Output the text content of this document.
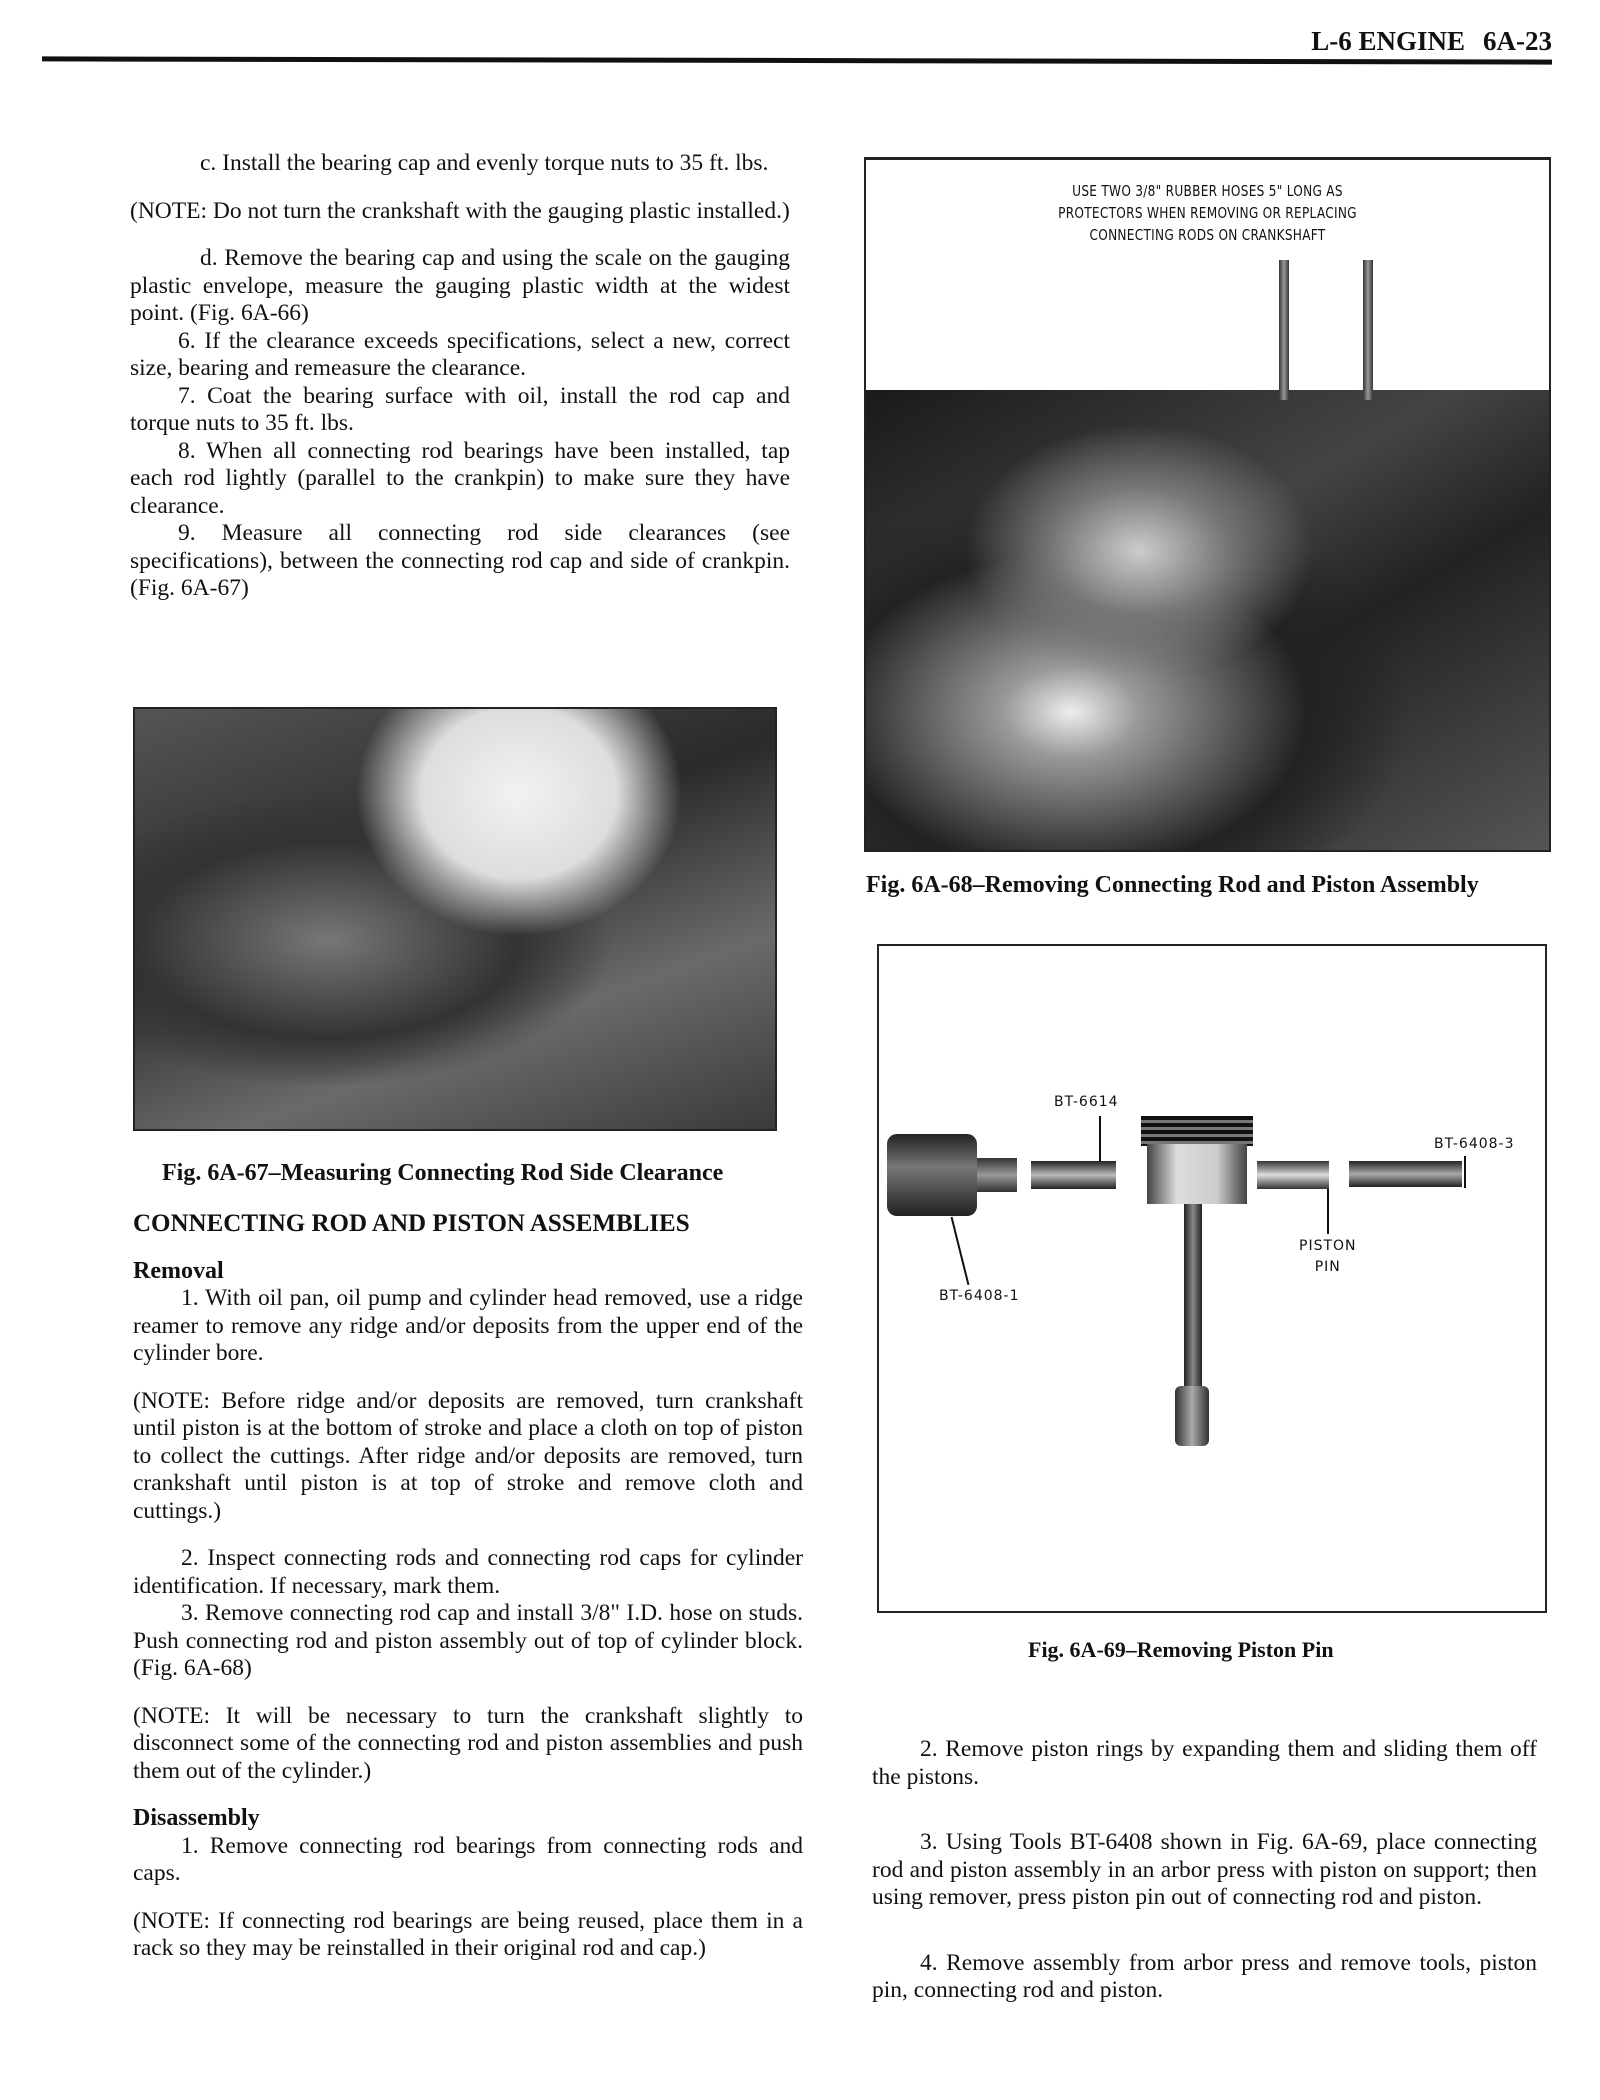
L-6 ENGINE 6A-23

c. Install the bearing cap and evenly torque nuts to 35 ft. lbs.

(NOTE: Do not turn the crankshaft with the gauging plastic installed.)

d. Remove the bearing cap and using the scale on the gauging plastic envelope, measure the gauging plastic width at the widest point. (Fig. 6A-66)

6. If the clearance exceeds specifications, select a new, correct size, bearing and remeasure the clearance.

7. Coat the bearing surface with oil, install the rod cap and torque nuts to 35 ft. lbs.

8. When all connecting rod bearings have been installed, tap each rod lightly (parallel to the crankpin) to make sure they have clearance.

9. Measure all connecting rod side clearances (see specifications), between the connecting rod cap and side of crankpin. (Fig. 6A-67)

Fig. 6A-67–Measuring Connecting Rod Side Clearance

CONNECTING ROD AND PISTON ASSEMBLIES

Removal

1. With oil pan, oil pump and cylinder head removed, use a ridge reamer to remove any ridge and/or deposits from the upper end of the cylinder bore.

(NOTE: Before ridge and/or deposits are removed, turn crankshaft until piston is at the bottom of stroke and place a cloth on top of piston to collect the cuttings. After ridge and/or deposits are removed, turn crankshaft until piston is at top of stroke and remove cloth and cuttings.)

2. Inspect connecting rods and connecting rod caps for cylinder identification. If necessary, mark them.

3. Remove connecting rod cap and install 3/8" I.D. hose on studs. Push connecting rod and piston assembly out of top of cylinder block. (Fig. 6A-68)

(NOTE: It will be necessary to turn the crankshaft slightly to disconnect some of the connecting rod and piston assemblies and push them out of the cylinder.)

Disassembly

1. Remove connecting rod bearings from connecting rods and caps.

(NOTE: If connecting rod bearings are being reused, place them in a rack so they may be reinstalled in their original rod and cap.)

USE TWO 3/8" RUBBER HOSES 5" LONG AS
PROTECTORS WHEN REMOVING OR REPLACING
CONNECTING RODS ON CRANKSHAFT
Fig. 6A-68–Removing Connecting Rod and Piston Assembly
BT-6614
BT-6408-3
BT-6408-1
PISTON
PIN
Fig. 6A-69–Removing Piston Pin

2. Remove piston rings by expanding them and sliding them off the pistons.

3. Using Tools BT-6408 shown in Fig. 6A-69, place connecting rod and piston assembly in an arbor press with piston on support; then using remover, press piston pin out of connecting rod and piston.

4. Remove assembly from arbor press and remove tools, piston pin, connecting rod and piston.
